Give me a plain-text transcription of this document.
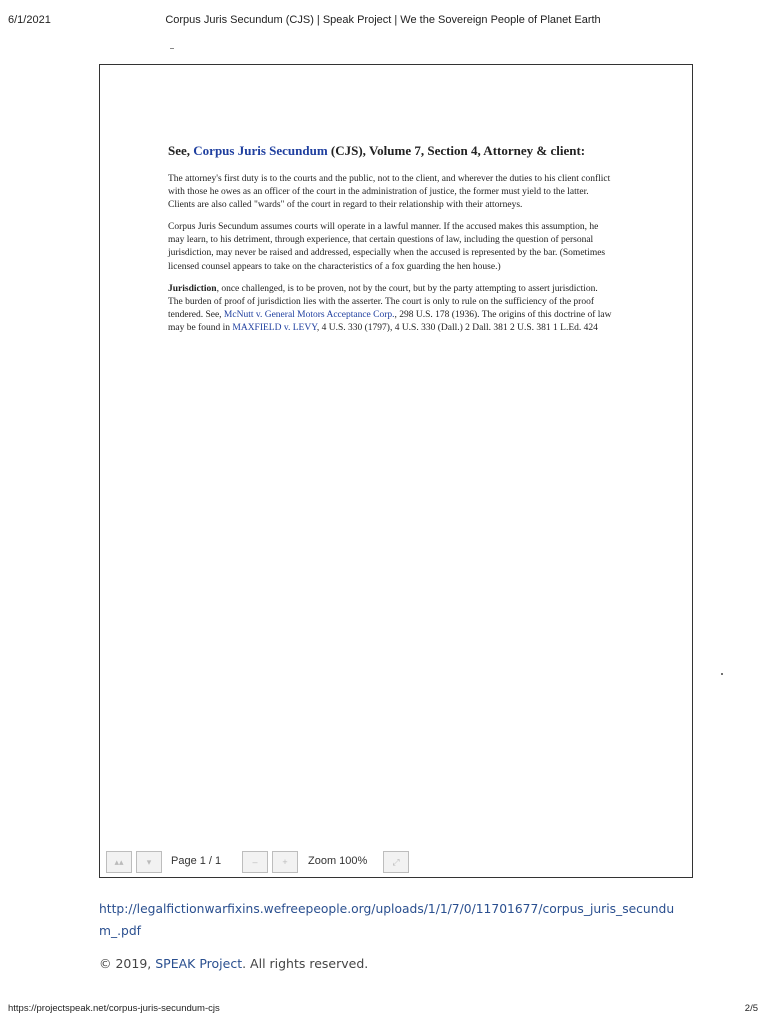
6/1/2021	Corpus Juris Secundum (CJS) | Speak Project | We the Sovereign People of Planet Earth
See, Corpus Juris Secundum (CJS), Volume 7, Section 4, Attorney & client:

The attorney's first duty is to the courts and the public, not to the client, and wherever the duties to his client conflict with those he owes as an officer of the court in the administration of justice, the former must yield to the latter. Clients are also called "wards" of the court in regard to their relationship with their attorneys.

Corpus Juris Secundum assumes courts will operate in a lawful manner. If the accused makes this assumption, he may learn, to his detriment, through experience, that certain questions of law, including the question of personal jurisdiction, may never be raised and addressed, especially when the accused is represented by the bar. (Sometimes licensed counsel appears to take on the characteristics of a fox guarding the hen house.)

Jurisdiction, once challenged, is to be proven, not by the court, but by the party attempting to assert jurisdiction. The burden of proof of jurisdiction lies with the asserter. The court is only to rule on the sufficiency of the proof tendered. See, McNutt v. General Motors Acceptance Corp., 298 U.S. 178 (1936). The origins of this doctrine of law may be found in MAXFIELD v. LEVY, 4 U.S. 330 (1797), 4 U.S. 330 (Dall.) 2 Dall. 381 2 U.S. 381 1 L.Ed. 424

▴▴	▾	Page 1 / 1	–	+	Zoom 100%	⤢
http://legalfictionwarfixins.wefreepeople.org/uploads/1/1/7/0/11701677/corpus_juris_secundum_.pdf
© 2019, SPEAK Project. All rights reserved.
https://projectspeak.net/corpus-juris-secundum-cjs	2/5
